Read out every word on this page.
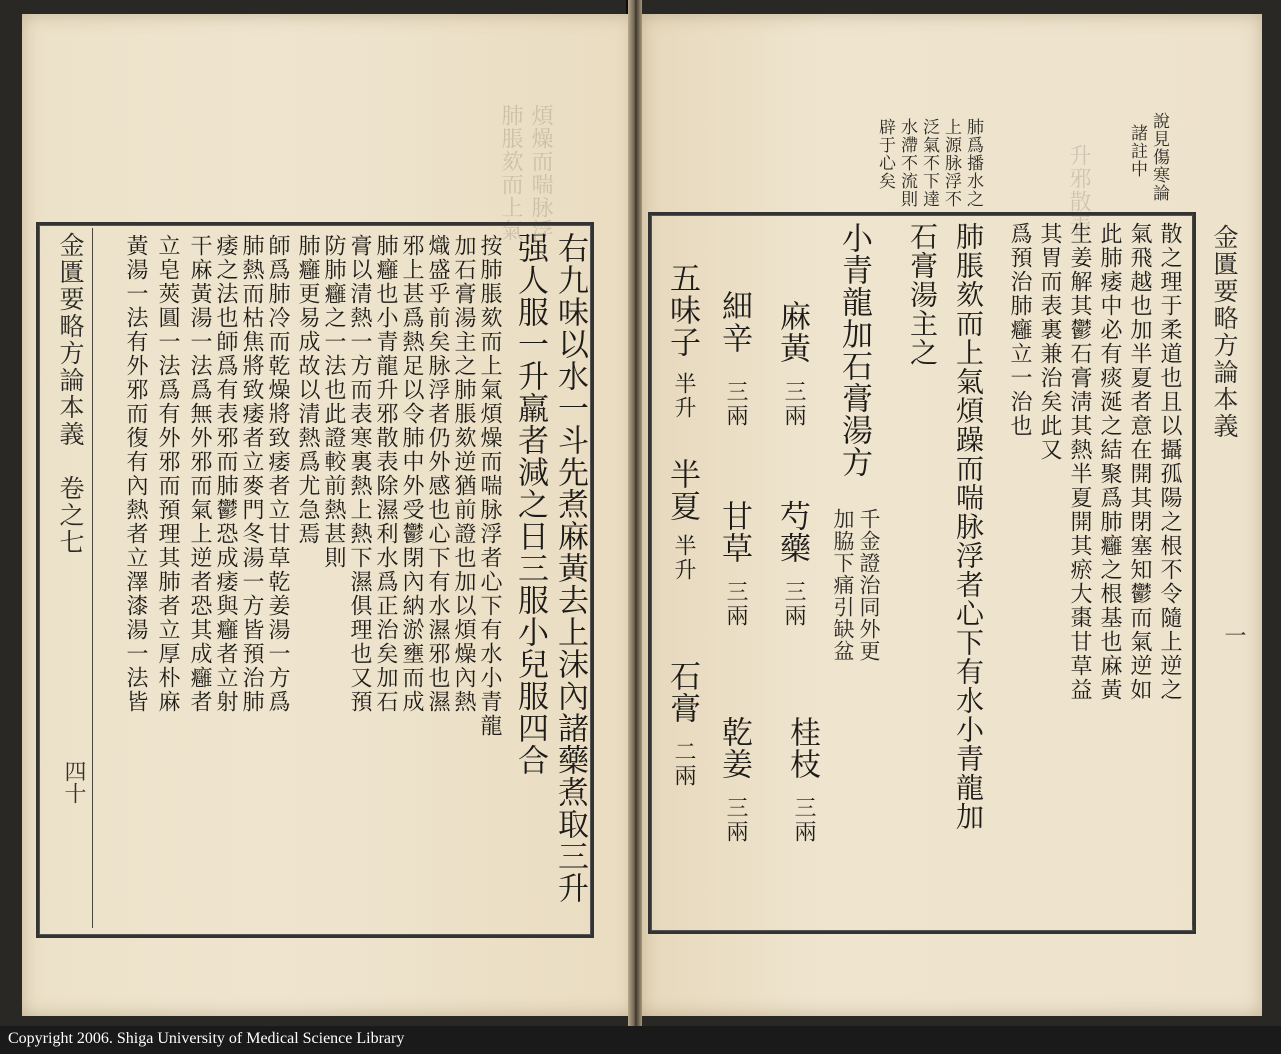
肺脹欬而上氣 煩燥而喘脉浮
金匱要略方論本義　卷之七
四十	右九味以水一斗先煮麻黃去上沫內諸藥煮取三升
强人服一升羸者減之日三服小兒服四合
按肺脹欬而上氣煩燥而喘脉浮者心下有水小青龍
加石膏湯主之肺脹欬逆猶前證也加以煩燥內熱
熾盛乎前矣脉浮者仍外感也心下有水濕邪也濕
邪上甚爲熱足以令肺中外受鬱閉內納淤壅而成
肺癰也小青龍升邪散表除濕利水爲正治矣加石
膏以清熱一方而表寒裏熱上熱下濕俱理也又預
防肺癰之一法也此證較前熱甚則
肺癰更易成故以清熱爲尤急焉
師爲肺冷而乾燥將致痿者立甘草乾姜湯一方爲
肺熱而枯焦將致痿者立麥門冬湯一方皆預治肺
痿之法也師爲有表邪而肺鬱恐成痿與癰者立射
干麻黃湯一法爲無外邪而氣上逆者恐其成癰者
立皂莢圓一法爲有外邪而預理其肺者立厚朴麻
黃湯一法有外邪而復有內熱者立澤漆湯一法皆
升邪散表	說見傷寒論
諸註中
肺爲播水之
上源脉浮不
泛氣不下達
水滯不流則
辟于心矣
金匱要略方論本義
一
散之理于柔道也且以攝孤陽之根不令隨上逆之
氣飛越也加半夏者意在開其閉塞知鬱而氣逆如
此肺痿中必有痰涎之結聚爲肺癰之根基也麻黃
生姜解其鬱石膏淸其熱半夏開其瘀大棗甘草益
其胃而表裏兼治矣此又
爲預治肺癰立一治也
肺脹欬而上氣煩躁而喘脉浮者心下有水小青龍加
石膏湯主之
小青龍加石膏湯方
千金證治同外更
加脇下痛引缺盆
麻黃
三兩
芍藥
三兩
桂枝
三兩
細辛
三兩
甘草
三兩
乾姜
三兩
五味子
半升
半夏
半升
石膏
二兩
Copyright 2006. Shiga University of Medical Science Library
